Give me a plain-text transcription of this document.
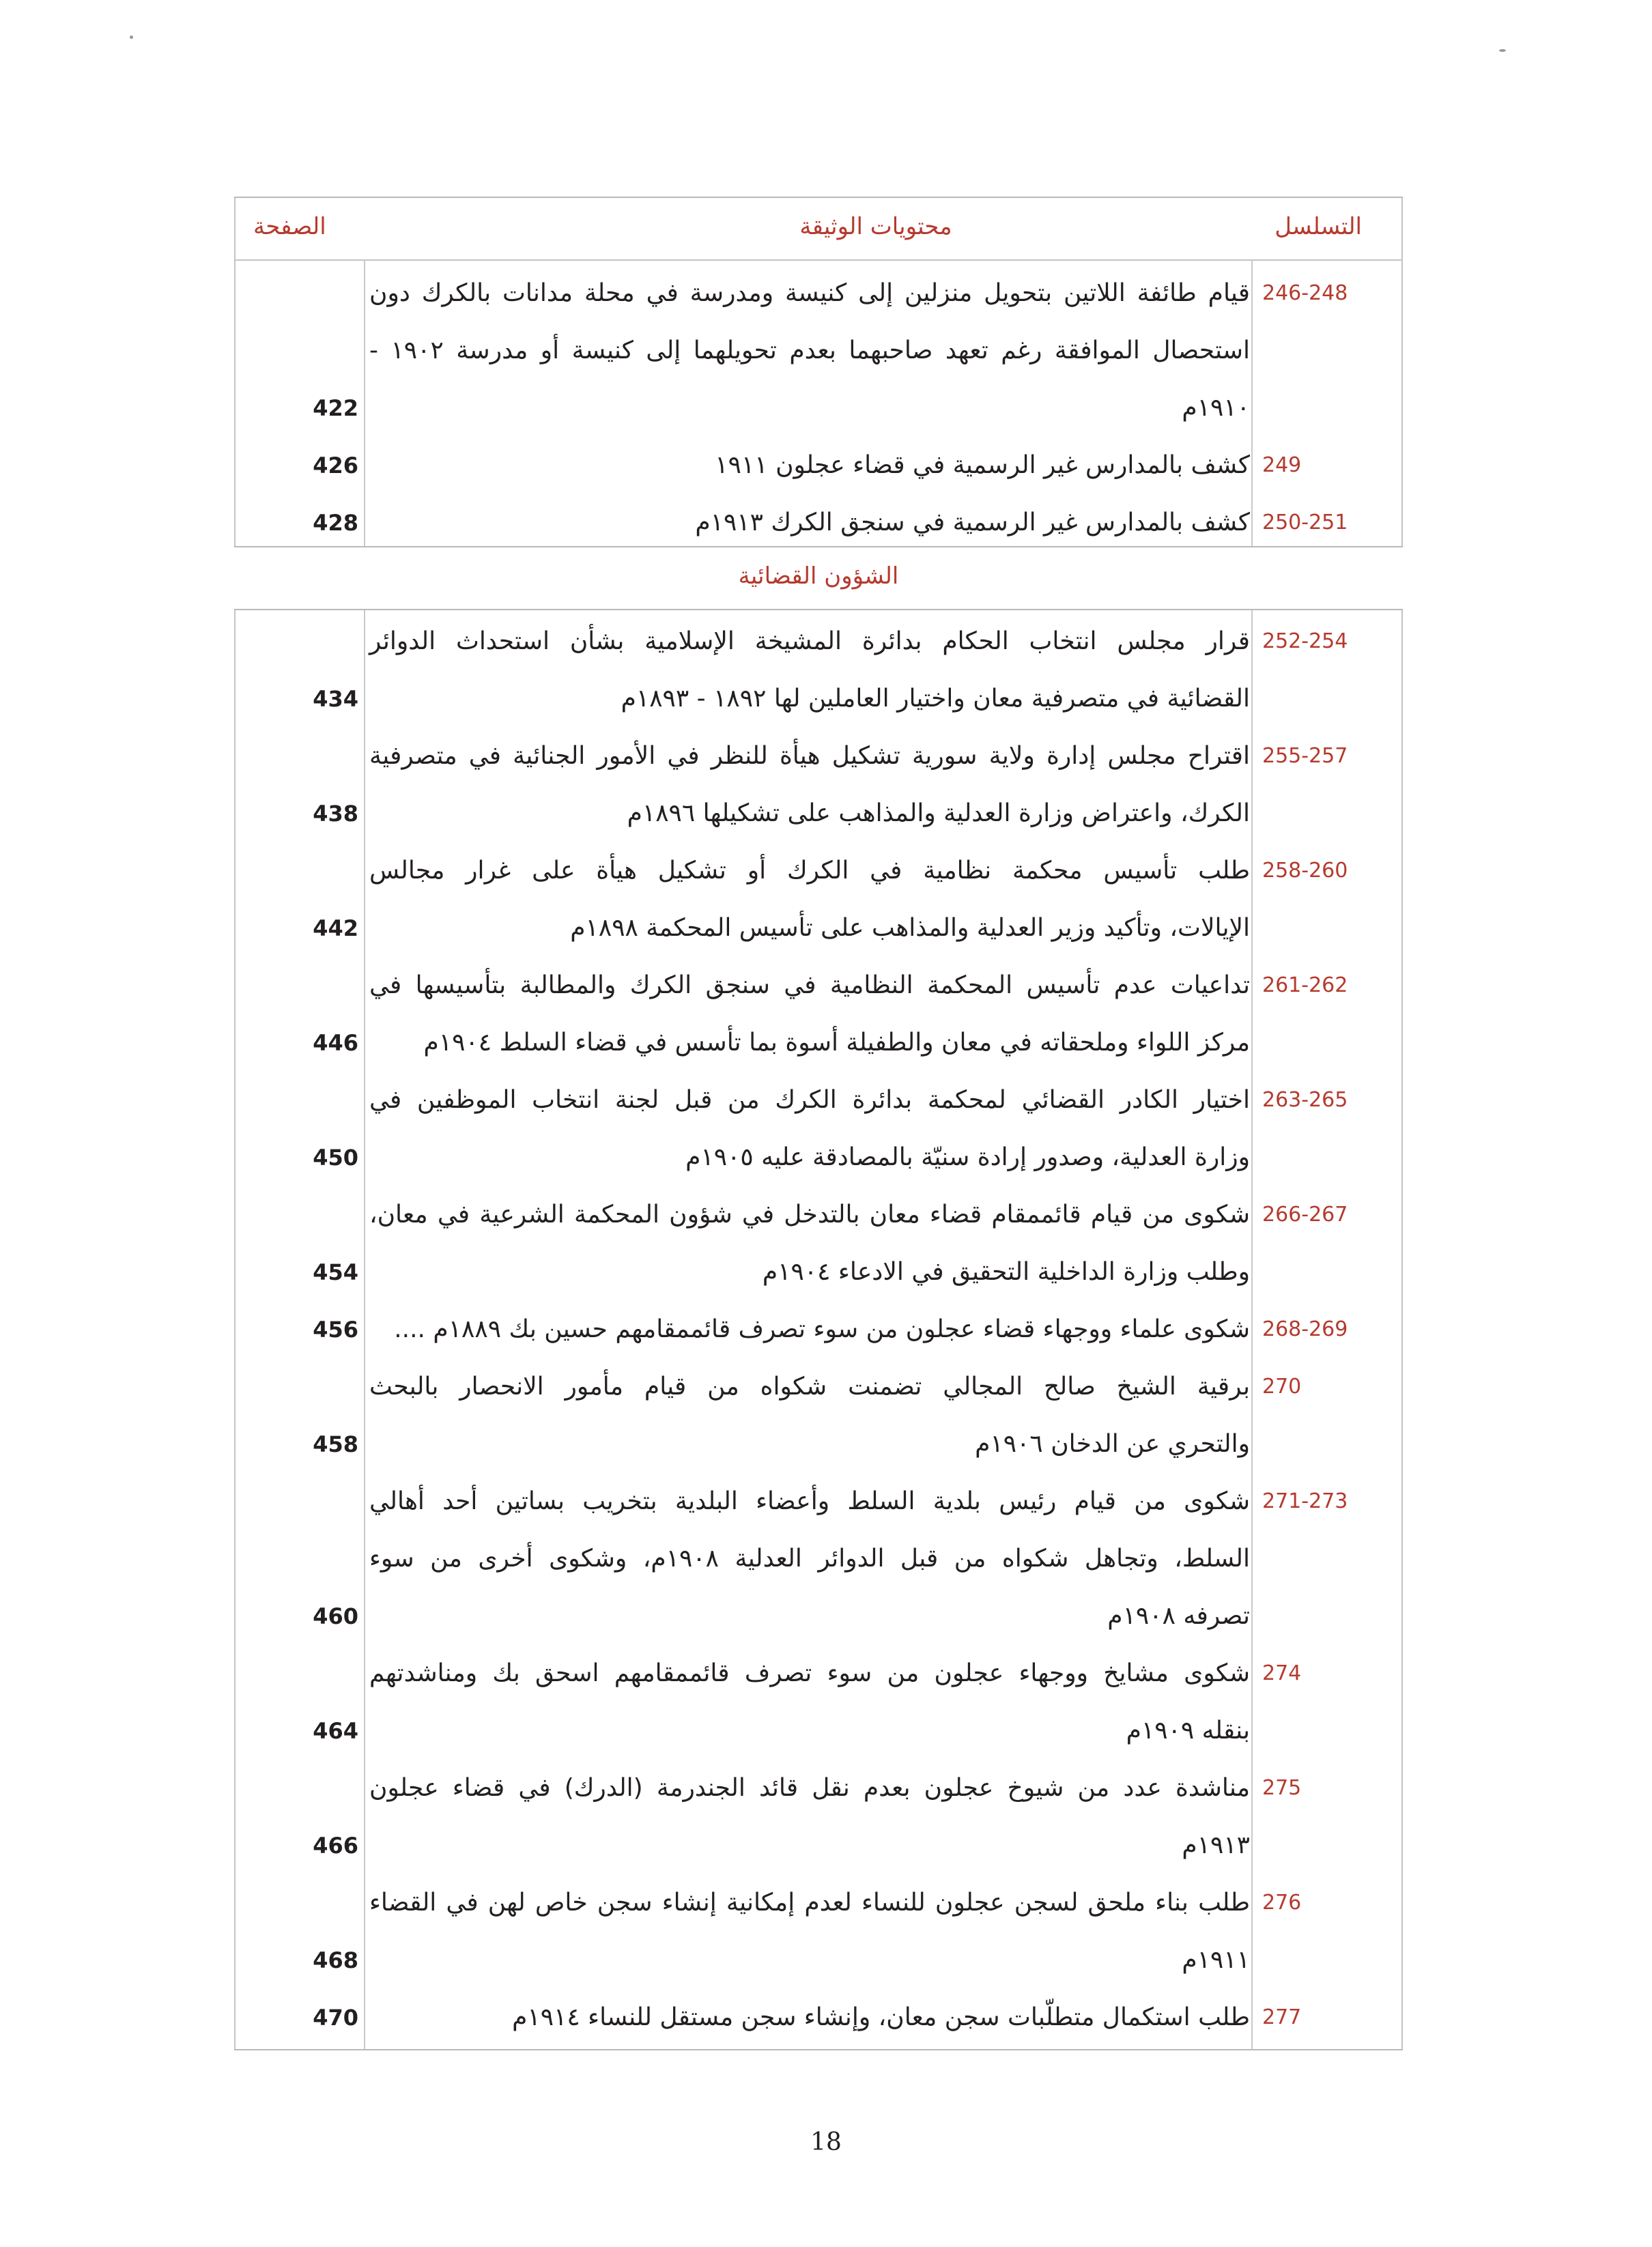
التسلسل
محتويات الوثيقة
الصفحة
الشؤون القضائية
246-248
قيام طائفة اللاتين بتحويل منزلين إلى كنيسة ومدرسة في محلة مدانات بالكرك دون
استحصال الموافقة رغم تعهد صاحبهما بعدم تحويلهما إلى كنيسة أو مدرسة ١٩٠٢ -
١٩١٠م
422
249
كشف بالمدارس غير الرسمية في قضاء عجلون ١٩١١
426
250-251
كشف بالمدارس غير الرسمية في سنجق الكرك ١٩١٣م
428
252-254
قرار مجلس انتخاب الحكام بدائرة المشيخة الإسلامية بشأن استحداث الدوائر
القضائية في متصرفية معان واختيار العاملين لها ١٨٩٢ - ١٨٩٣م
434
255-257
اقتراح مجلس إدارة ولاية سورية تشكيل هيأة للنظر في الأمور الجنائية في متصرفية
الكرك، واعتراض وزارة العدلية والمذاهب على تشكيلها ١٨٩٦م
438
258-260
طلب تأسيس محكمة نظامية في الكرك أو تشكيل هيأة على غرار مجالس
الإيالات، وتأكيد وزير العدلية والمذاهب على تأسيس المحكمة ١٨٩٨م
442
261-262
تداعيات عدم تأسيس المحكمة النظامية في سنجق الكرك والمطالبة بتأسيسها في
مركز اللواء وملحقاته في معان والطفيلة أسوة بما تأسس في قضاء السلط ١٩٠٤م
446
263-265
اختيار الكادر القضائي لمحكمة بدائرة الكرك من قبل لجنة انتخاب الموظفين في
وزارة العدلية، وصدور إرادة سنيّة بالمصادقة عليه ١٩٠٥م
450
266-267
شكوى من قيام قائممقام قضاء معان بالتدخل في شؤون المحكمة الشرعية في معان،
وطلب وزارة الداخلية التحقيق في الادعاء ١٩٠٤م
454
268-269
شكوى علماء ووجهاء قضاء عجلون من سوء تصرف قائممقامهم حسين بك ١٨٨٩م ....
456
270
برقية الشيخ صالح المجالي تضمنت شكواه من قيام مأمور الانحصار بالبحث
والتحري عن الدخان ١٩٠٦م
458
271-273
شكوى من قيام رئيس بلدية السلط وأعضاء البلدية بتخريب بساتين أحد أهالي
السلط، وتجاهل شكواه من قبل الدوائر العدلية ١٩٠٨م، وشكوى أخرى من سوء
تصرفه ١٩٠٨م
460
274
شكوى مشايخ ووجهاء عجلون من سوء تصرف قائممقامهم اسحق بك ومناشدتهم
بنقله ١٩٠٩م
464
275
مناشدة عدد من شيوخ عجلون بعدم نقل قائد الجندرمة (الدرك) في قضاء عجلون
١٩١٣م
466
276
طلب بناء ملحق لسجن عجلون للنساء لعدم إمكانية إنشاء سجن خاص لهن في القضاء
١٩١١م
468
277
طلب استكمال متطلّبات سجن معان، وإنشاء سجن مستقل للنساء ١٩١٤م
470
18
